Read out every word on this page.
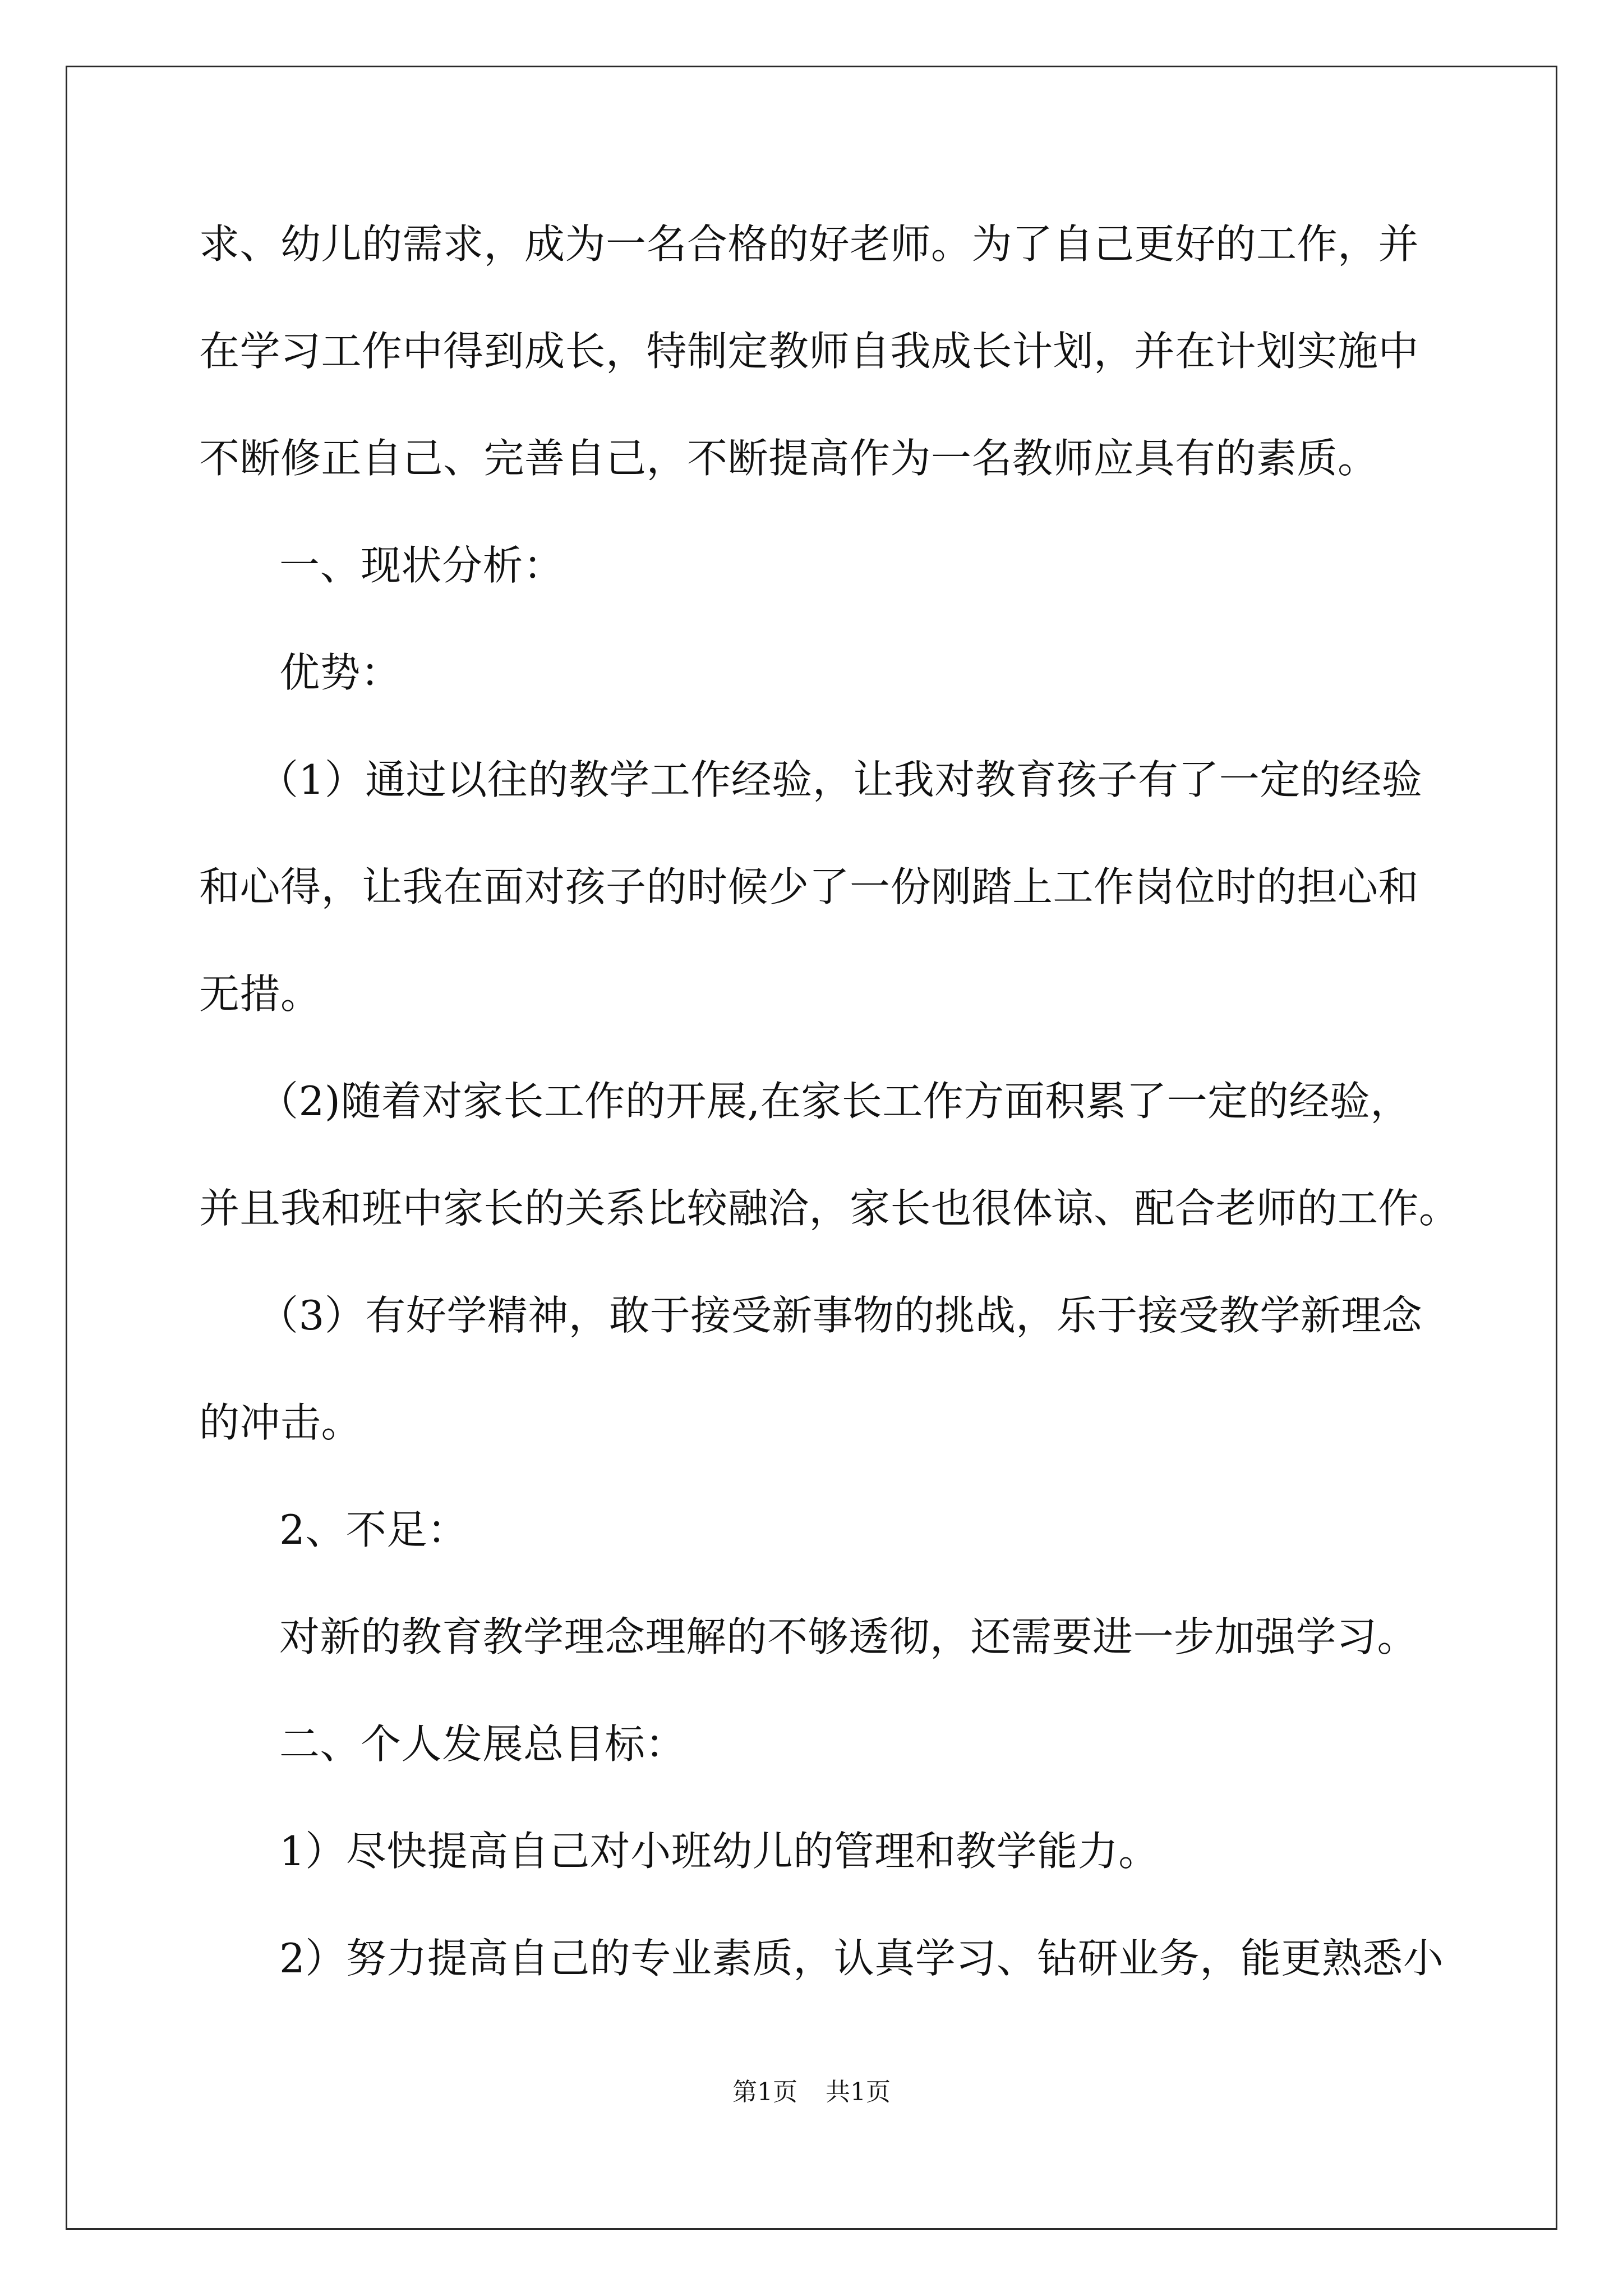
求、幼儿的需求，成为一名合格的好老师。为了自己更好的工作，并
在学习工作中得到成长，特制定教师自我成长计划，并在计划实施中
不断修正自己、完善自己，不断提高作为一名教师应具有的素质。
一、现状分析：
优势：
（1）通过以往的教学工作经验，让我对教育孩子有了一定的经验
和心得，让我在面对孩子的时候少了一份刚踏上工作岗位时的担心和
无措。
（2)随着对家长工作的开展,在家长工作方面积累了一定的经验，
并且我和班中家长的关系比较融洽，家长也很体谅、配合老师的工作。
（3）有好学精神，敢于接受新事物的挑战，乐于接受教学新理念
的冲击。
2、不足：
对新的教育教学理念理解的不够透彻，还需要进一步加强学习。
二、个人发展总目标：
1）尽快提高自己对小班幼儿的管理和教学能力。
2）努力提高自己的专业素质，认真学习、钻研业务，能更熟悉小
第1页 共1页
